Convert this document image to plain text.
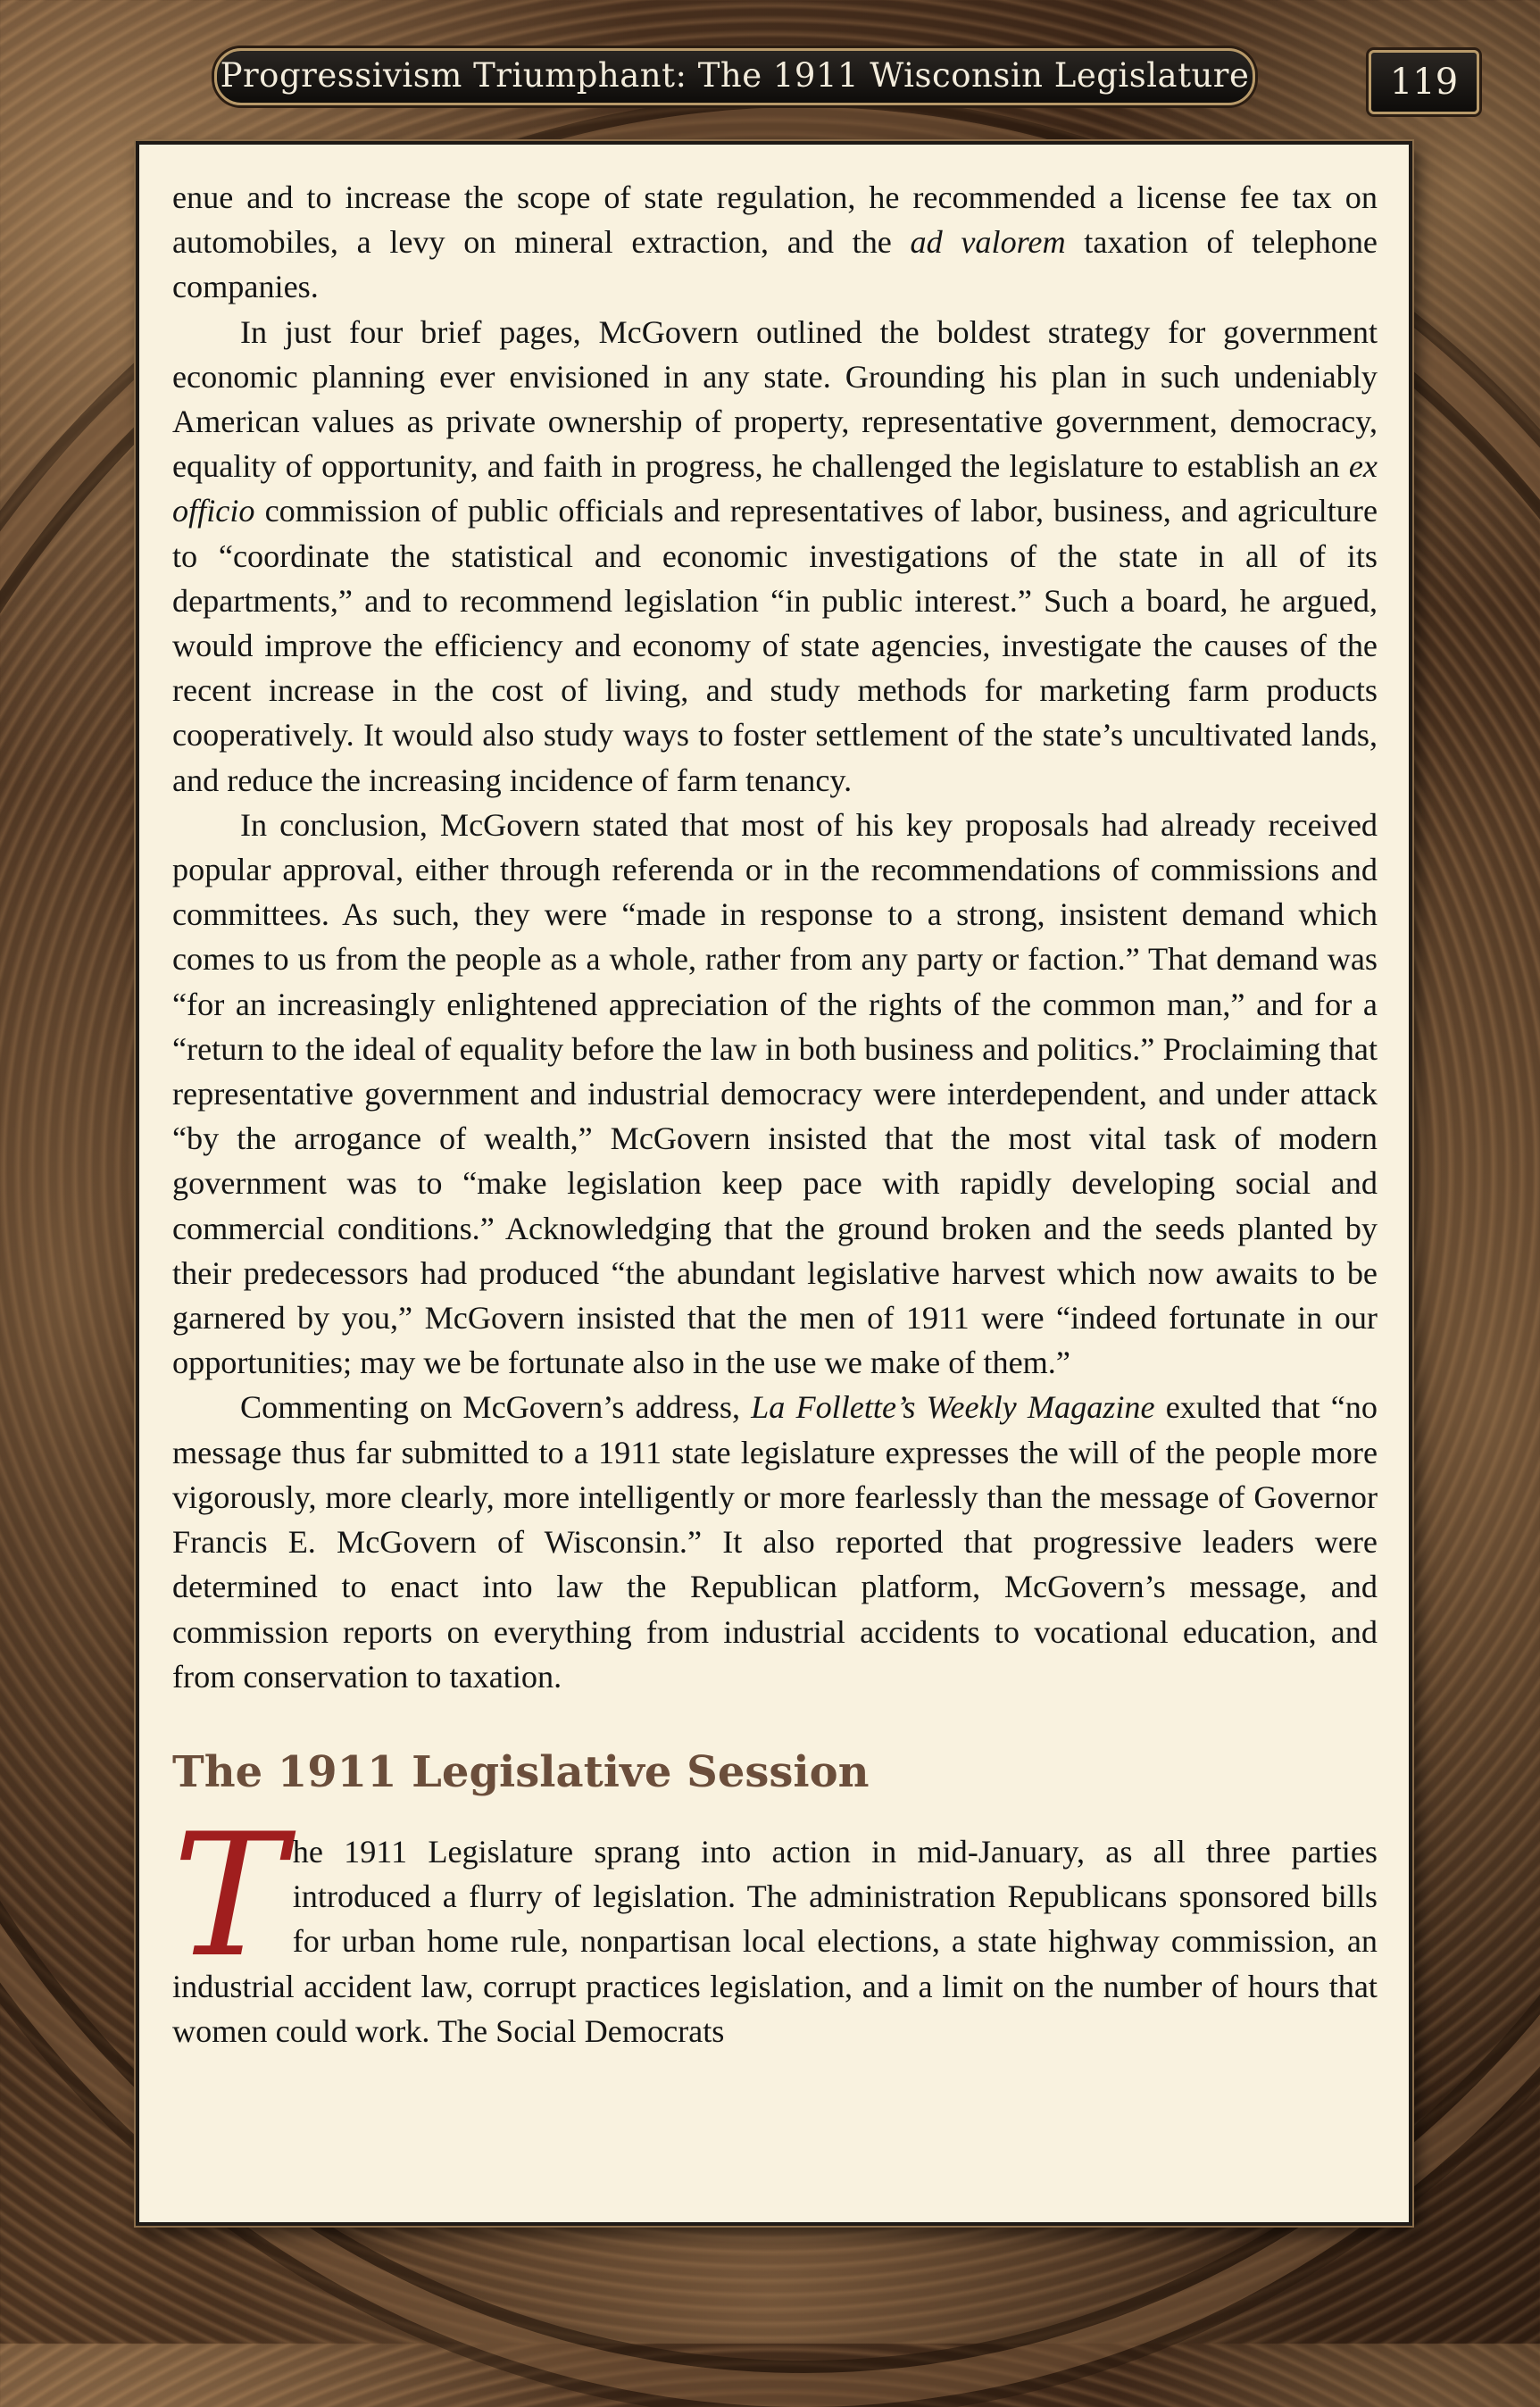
Progressivism Triumphant: The 1911 Wisconsin Legislature	119

enue and to increase the scope of state regulation, he recommended a license fee tax on automobiles, a levy on mineral extraction, and the ad valorem taxation of telephone companies.

In just four brief pages, McGovern outlined the boldest strategy for government economic planning ever envisioned in any state. Grounding his plan in such undeniably American values as private ownership of property, representative government, democracy, equality of opportunity, and faith in progress, he challenged the legislature to establish an ex officio commission of public officials and representatives of labor, business, and agriculture to “coordinate the statistical and economic investigations of the state in all of its departments,” and to recommend legislation “in public interest.” Such a board, he argued, would improve the efficiency and economy of state agencies, investigate the causes of the recent increase in the cost of living, and study methods for marketing farm products cooperatively. It would also study ways to foster settlement of the state’s uncultivated lands, and reduce the increasing incidence of farm tenancy.

In conclusion, McGovern stated that most of his key proposals had already received popular approval, either through referenda or in the recommendations of commissions and committees. As such, they were “made in response to a strong, insistent demand which comes to us from the people as a whole, rather from any party or faction.” That demand was “for an increasingly enlightened appreciation of the rights of the common man,” and for a “return to the ideal of equality before the law in both business and politics.” Proclaiming that representative government and industrial democracy were interdependent, and under attack “by the arrogance of wealth,” McGovern insisted that the most vital task of modern government was to “make legislation keep pace with rapidly developing social and commercial conditions.” Acknowledging that the ground broken and the seeds planted by their predecessors had produced “the abundant legislative harvest which now awaits to be garnered by you,” McGovern insisted that the men of 1911 were “indeed fortunate in our opportunities; may we be fortunate also in the use we make of them.”

Commenting on McGovern’s address, La Follette’s Weekly Magazine exulted that “no message thus far submitted to a 1911 state legislature expresses the will of the people more vigorously, more clearly, more intelligently or more fearlessly than the message of Governor Francis E. McGovern of Wisconsin.” It also reported that progressive leaders were determined to enact into law the Republican platform, McGovern’s message, and commission reports on everything from industrial accidents to vocational education, and from conservation to taxation.

The 1911 Legislative Session

The 1911 Legislature sprang into action in mid-January, as all three parties introduced a flurry of legislation. The administration Republicans sponsored bills for urban home rule, nonpartisan local elections, a state highway commission, an industrial accident law, corrupt practices legislation, and a limit on the number of hours that women could work. The Social Democrats
